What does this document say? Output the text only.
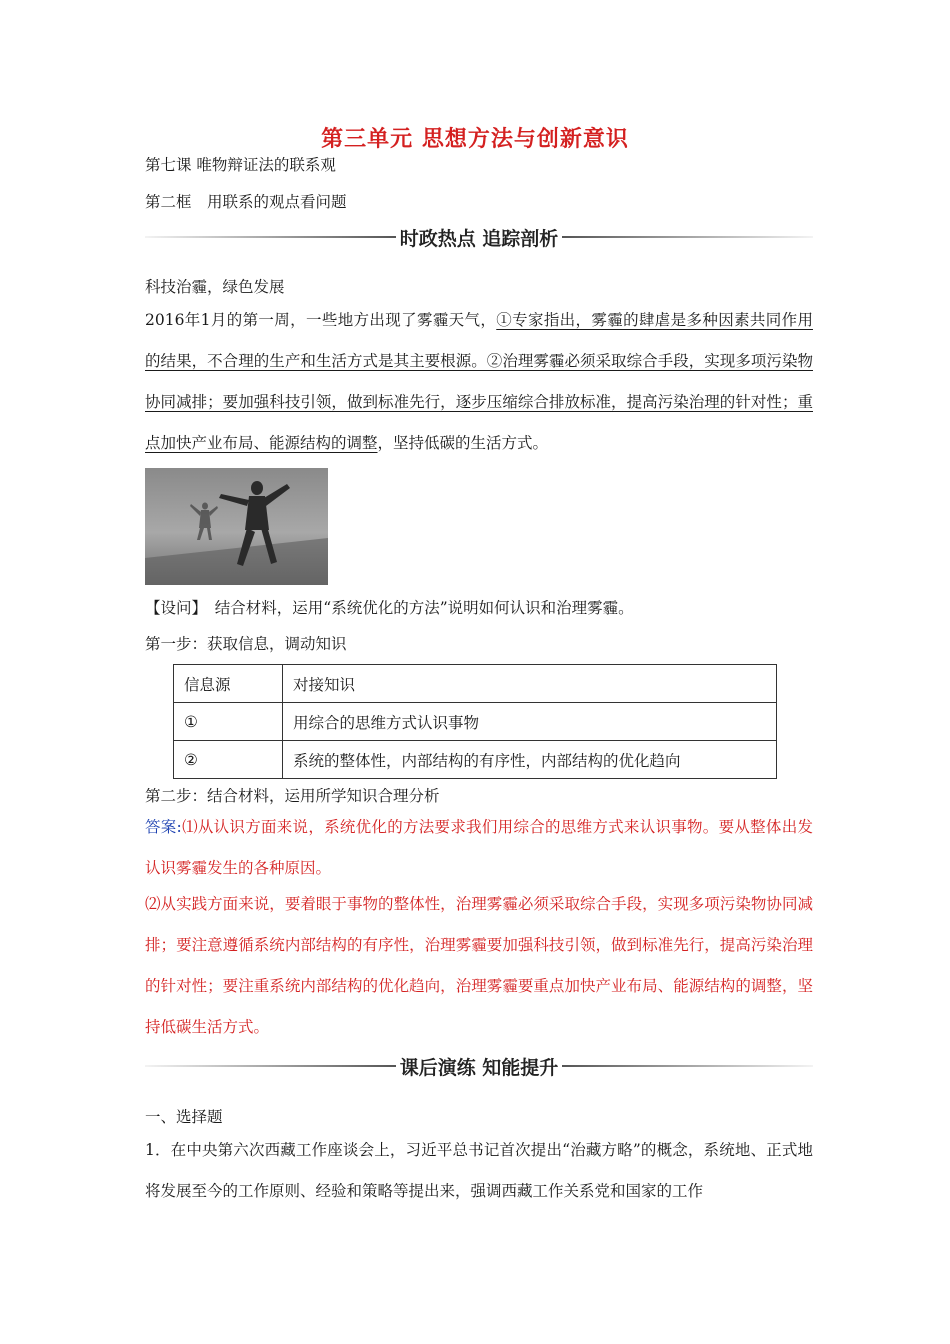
第三单元 思想方法与创新意识
第七课 唯物辩证法的联系观
第二框　用联系的观点看问题
时政热点 追踪剖析
科技治霾，绿色发展
2016年1月的第一周，一些地方出现了雾霾天气，①专家指出，雾霾的肆虐是多种因素共同作用的结果，不合理的生产和生活方式是其主要根源。②治理雾霾必须采取综合手段，实现多项污染物协同减排；要加强科技引领，做到标准先行，逐步压缩综合排放标准，提高污染治理的针对性；重点加快产业布局、能源结构的调整，坚持低碳的生活方式。
【设问】　结合材料，运用“系统优化的方法”说明如何认识和治理雾霾。
第一步：获取信息，调动知识
信息源	对接知识
①	用综合的思维方式认识事物
②	系统的整体性，内部结构的有序性，内部结构的优化趋向
第二步：结合材料，运用所学知识合理分析
答案:⑴从认识方面来说，系统优化的方法要求我们用综合的思维方式来认识事物。要从整体出发认识雾霾发生的各种原因。
⑵从实践方面来说，要着眼于事物的整体性，治理雾霾必须采取综合手段，实现多项污染物协同减排；要注意遵循系统内部结构的有序性，治理雾霾要加强科技引领，做到标准先行，提高污染治理的针对性；要注重系统内部结构的优化趋向，治理雾霾要重点加快产业布局、能源结构的调整，坚持低碳生活方式。
课后演练 知能提升
一、选择题
1．在中央第六次西藏工作座谈会上，习近平总书记首次提出“治藏方略”的概念，系统地、正式地将发展至今的工作原则、经验和策略等提出来，强调西藏工作关系党和国家的工作
